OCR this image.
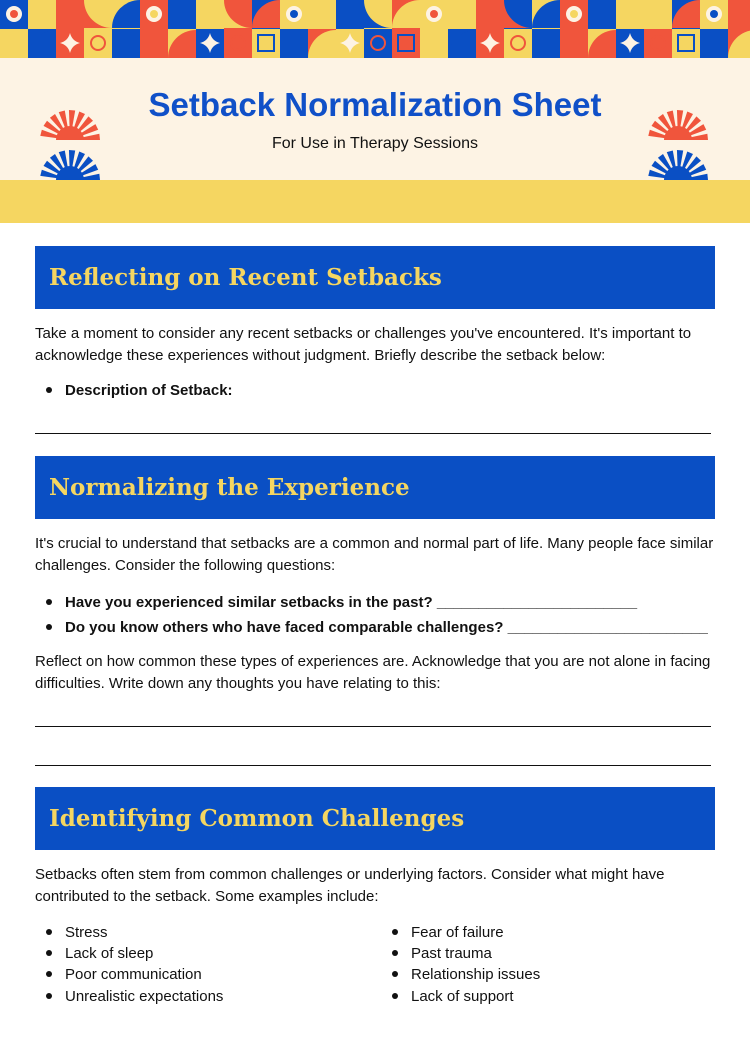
Setback Normalization Sheet
For Use in Therapy Sessions
Reflecting on Recent Setbacks
Take a moment to consider any recent setbacks or challenges you've encountered. It's important to acknowledge these experiences without judgment. Briefly describe the setback below:
Description of Setback:
Normalizing the Experience
It's crucial to understand that setbacks are a common and normal part of life. Many people face similar challenges. Consider the following questions:
Have you experienced similar setbacks in the past? ________________________
Do you know others who have faced comparable challenges? ________________________
Reflect on how common these types of experiences are. Acknowledge that you are not alone in facing difficulties. Write down any thoughts you have relating to this:
Identifying Common Challenges
Setbacks often stem from common challenges or underlying factors. Consider what might have contributed to the setback. Some examples include:
Stress
Lack of sleep
Poor communication
Unrealistic expectations
Fear of failure
Past trauma
Relationship issues
Lack of support
